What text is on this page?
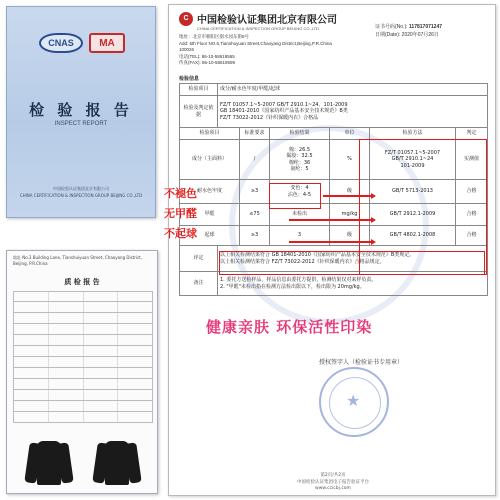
CNAS	MA
检 验 报 告
INSPECT REPORT
中国检验认证集团北京有限公司
CHINA CERTIFICATION & INSPECTION GROUP BEIJING CO.,LTD
地址 No.3 Building Lane, Tianshuiyuan Street, Chaoyang District, Beijing, P.R.China
质 检 报 告
C 中国检验认证集团北京有限公司
CHINA CERTIFICATION & INSPECTION GROUP BEIJING CO.,LTD
地址：北京市朝阳区甜水园东街8号
Add: 5th Floor NO.6,Tianshuyuan Street,Chaoyang District,Beijing,P.R.China 100026
电话(TEL): 86-10-58619565
传真(FAX): 86-10-58619599
证书号码(No.): 117817071247
日期(Date): 2020年07月26日
检验信息
检验项目	成分/耐水色牢度/甲醛/起球					
检验及判定依据	FZ/T 01057.1~5-2007 GB/T 2910.1~24、101-2009
GB 18401-2010《国家纺织产品基本安全技术规范》B类
FZ/T 73022-2012《针织保暖内衣》合格品					
检验项目		标准要求	检验结果	单位	检验方法	判定
成分（主面料）		/	棉：26.5
黏胶：32.5
棉纶：36
氨纶：5	%	FZ/T 01057.1~5-2007
GB/T 2910.1~24
101-2009	实测值
耐水色牢度		≥3	变色：4
沾色：4-5	级	GB/T 5713-2013	合格
甲醛		≤75	未检出	mg/kg	GB/T 2912.1-2009	合格
起球		≥3	3	级	GB/T 4802.1-2008	合格
评定	以上相关检测结果符合 GB 18401-2010《国家纺织产品基本安全技术规范》B类规定。
以上相关检测结果符合 FZ/T 73022-2012《针织保暖内衣》合格品规定。					
备注	1. 委托方送检样品，样品信息由委托方提供，检测结果仅对来样负责。
2. "甲醛"未检出指在检测方法检出限以下，检出限为 20mg/kg。					
授权签字人（检验证书专用章）
★
第2页/共2页
中国检验认证集团电子报告验证平台
www.ccicbj.com
不褪色
无甲醛
不起球
健康亲肤 环保活性印染
